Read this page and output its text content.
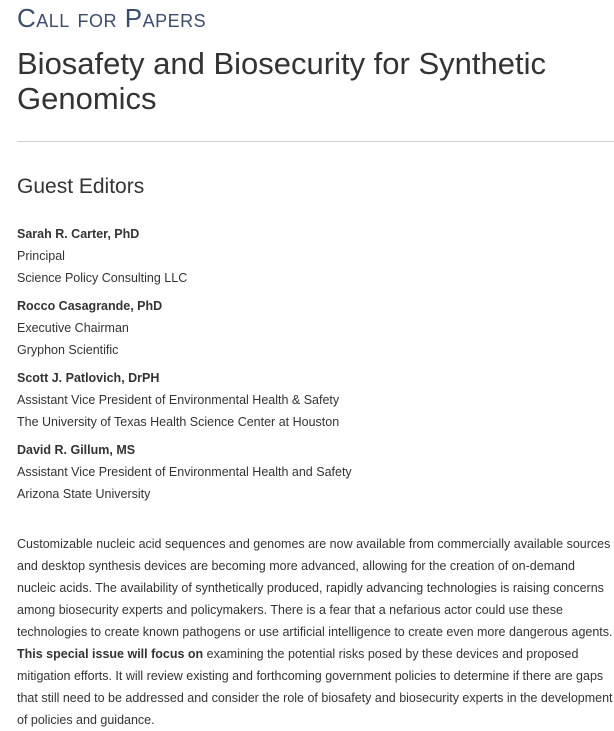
Call for Papers
Biosafety and Biosecurity for Synthetic Genomics
Guest Editors
Sarah R. Carter, PhD
Principal
Science Policy Consulting LLC
Rocco Casagrande, PhD
Executive Chairman
Gryphon Scientific
Scott J. Patlovich, DrPH
Assistant Vice President of Environmental Health & Safety
The University of Texas Health Science Center at Houston
David R. Gillum, MS
Assistant Vice President of Environmental Health and Safety
Arizona State University

Customizable nucleic acid sequences and genomes are now available from commercially available sources and desktop synthesis devices are becoming more advanced, allowing for the creation of on-demand nucleic acids. The availability of synthetically produced, rapidly advancing technologies is raising concerns among biosecurity experts and policymakers. There is a fear that a nefarious actor could use these technologies to create known pathogens or use artificial intelligence to create even more dangerous agents. This special issue will focus on examining the potential risks posed by these devices and proposed mitigation efforts. It will review existing and forthcoming government policies to determine if there are gaps that still need to be addressed and consider the role of biosafety and biosecurity experts in the development of policies and guidance.
